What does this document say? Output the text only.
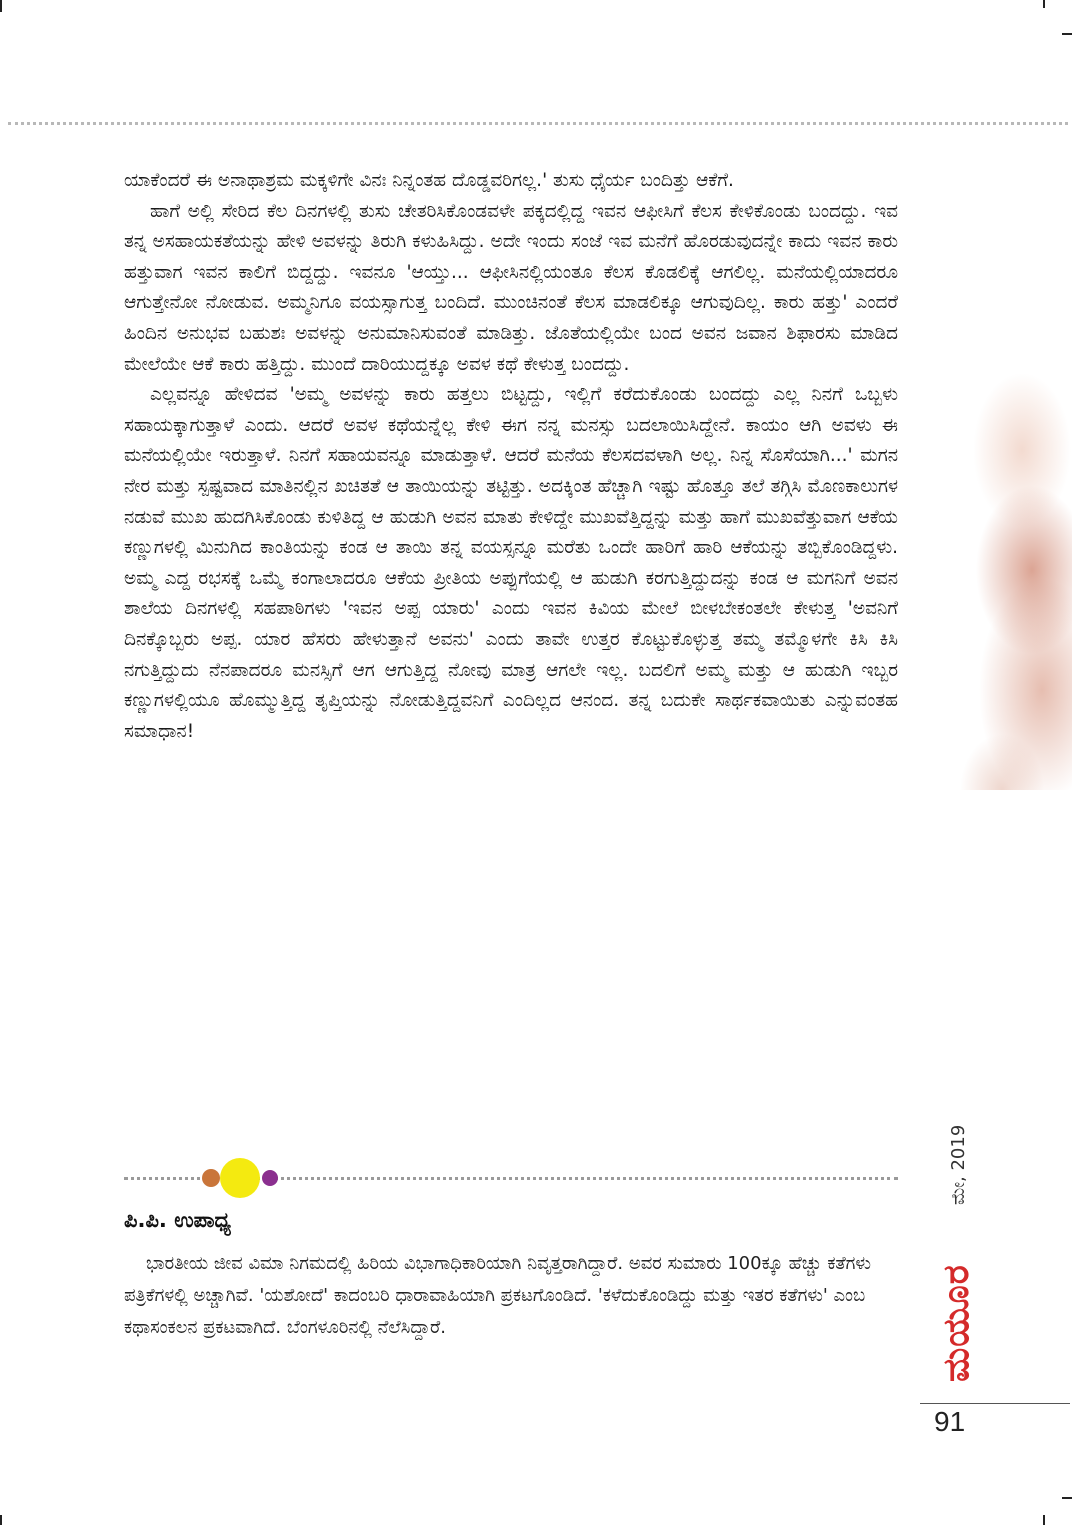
ಯಾಕೆಂದರೆ ಈ ಅನಾಥಾಶ್ರಮ ಮಕ್ಕಳಿಗೇ ವಿನಃ ನಿನ್ನಂತಹ ದೊಡ್ಡವರಿಗಲ್ಲ.' ತುಸು ಧೈರ್ಯ ಬಂದಿತ್ತು ಆಕೆಗೆ.

ಹಾಗೆ ಅಲ್ಲಿ ಸೇರಿದ ಕೆಲ ದಿನಗಳಲ್ಲಿ ತುಸು ಚೇತರಿಸಿಕೊಂಡವಳೇ ಪಕ್ಕದಲ್ಲಿದ್ದ ಇವನ ಆಫೀಸಿಗೆ ಕೆಲಸ ಕೇಳಿಕೊಂಡು ಬಂದದ್ದು. ಇವ ತನ್ನ ಅಸಹಾಯಕತೆಯನ್ನು ಹೇಳಿ ಅವಳನ್ನು ತಿರುಗಿ ಕಳುಹಿಸಿದ್ದು. ಅದೇ ಇಂದು ಸಂಜೆ ಇವ ಮನೆಗೆ ಹೊರಡುವುದನ್ನೇ ಕಾದು ಇವನ ಕಾರು ಹತ್ತುವಾಗ ಇವನ ಕಾಲಿಗೆ ಬಿದ್ದದ್ದು. ಇವನೂ 'ಆಯ್ತು... ಆಫೀಸಿನಲ್ಲಿಯಂತೂ ಕೆಲಸ ಕೊಡಲಿಕ್ಕೆ ಆಗಲಿಲ್ಲ. ಮನೆಯಲ್ಲಿಯಾದರೂ ಆಗುತ್ತೇನೋ ನೋಡುವ. ಅಮ್ಮನಿಗೂ ವಯಸ್ಸಾಗುತ್ತ ಬಂದಿದೆ. ಮುಂಚಿನಂತೆ ಕೆಲಸ ಮಾಡಲಿಕ್ಕೂ ಆಗುವುದಿಲ್ಲ. ಕಾರು ಹತ್ತು' ಎಂದರೆ ಹಿಂದಿನ ಅನುಭವ ಬಹುಶಃ ಅವಳನ್ನು ಅನುಮಾನಿಸುವಂತೆ ಮಾಡಿತ್ತು. ಜೊತೆಯಲ್ಲಿಯೇ ಬಂದ ಅವನ ಜವಾನ ಶಿಫಾರಸು ಮಾಡಿದ ಮೇಲೆಯೇ ಆಕೆ ಕಾರು ಹತ್ತಿದ್ದು. ಮುಂದೆ ದಾರಿಯುದ್ದಕ್ಕೂ ಅವಳ ಕಥೆ ಕೇಳುತ್ತ ಬಂದದ್ದು.

ಎಲ್ಲವನ್ನೂ ಹೇಳಿದವ 'ಅಮ್ಮ ಅವಳನ್ನು ಕಾರು ಹತ್ತಲು ಬಿಟ್ಟದ್ದು, ಇಲ್ಲಿಗೆ ಕರೆದುಕೊಂಡು ಬಂದದ್ದು ಎಲ್ಲ ನಿನಗೆ ಒಬ್ಬಳು ಸಹಾಯಕ್ಕಾಗುತ್ತಾಳೆ ಎಂದು. ಆದರೆ ಅವಳ ಕಥೆಯನ್ನೆಲ್ಲ ಕೇಳಿ ಈಗ ನನ್ನ ಮನಸ್ಸು ಬದಲಾಯಿಸಿದ್ದೇನೆ. ಕಾಯಂ ಆಗಿ ಅವಳು ಈ ಮನೆಯಲ್ಲಿಯೇ ಇರುತ್ತಾಳೆ. ನಿನಗೆ ಸಹಾಯವನ್ನೂ ಮಾಡುತ್ತಾಳೆ. ಆದರೆ ಮನೆಯ ಕೆಲಸದವಳಾಗಿ ಅಲ್ಲ. ನಿನ್ನ ಸೊಸೆಯಾಗಿ...' ಮಗನ ನೇರ ಮತ್ತು ಸ್ಪಷ್ಟವಾದ ಮಾತಿನಲ್ಲಿನ ಖಚಿತತೆ ಆ ತಾಯಿಯನ್ನು ತಟ್ಟಿತ್ತು. ಅದಕ್ಕಿಂತ ಹೆಚ್ಚಾಗಿ ಇಷ್ಟು ಹೊತ್ತೂ ತಲೆ ತಗ್ಗಿಸಿ ಮೊಣಕಾಲುಗಳ ನಡುವೆ ಮುಖ ಹುದಗಿಸಿಕೊಂಡು ಕುಳಿತಿದ್ದ ಆ ಹುಡುಗಿ ಅವನ ಮಾತು ಕೇಳಿದ್ದೇ ಮುಖವೆತ್ತಿದ್ದನ್ನು ಮತ್ತು ಹಾಗೆ ಮುಖವೆತ್ತುವಾಗ ಆಕೆಯ ಕಣ್ಣುಗಳಲ್ಲಿ ಮಿನುಗಿದ ಕಾಂತಿಯನ್ನು ಕಂಡ ಆ ತಾಯಿ ತನ್ನ ವಯಸ್ಸನ್ನೂ ಮರೆತು ಒಂದೇ ಹಾರಿಗೆ ಹಾರಿ ಆಕೆಯನ್ನು ತಬ್ಬಿಕೊಂಡಿದ್ದಳು. ಅಮ್ಮ ಎದ್ದ ರಭಸಕ್ಕೆ ಒಮ್ಮೆ ಕಂಗಾಲಾದರೂ ಆಕೆಯ ಪ್ರೀತಿಯ ಅಪ್ಪುಗೆಯಲ್ಲಿ ಆ ಹುಡುಗಿ ಕರಗುತ್ತಿದ್ದುದನ್ನು ಕಂಡ ಆ ಮಗನಿಗೆ ಅವನ ಶಾಲೆಯ ದಿನಗಳಲ್ಲಿ ಸಹಪಾಠಿಗಳು 'ಇವನ ಅಪ್ಪ ಯಾರು' ಎಂದು ಇವನ ಕಿವಿಯ ಮೇಲೆ ಬೀಳಬೇಕಂತಲೇ ಕೇಳುತ್ತ 'ಅವನಿಗೆ ದಿನಕ್ಕೊಬ್ಬರು ಅಪ್ಪ. ಯಾರ ಹೆಸರು ಹೇಳುತ್ತಾನೆ ಅವನು' ಎಂದು ತಾವೇ ಉತ್ತರ ಕೊಟ್ಟುಕೊಳ್ಳುತ್ತ ತಮ್ಮ ತಮ್ಮೊಳಗೇ ಕಿಸಿ ಕಿಸಿ ನಗುತ್ತಿದ್ದುದು ನೆನಪಾದರೂ ಮನಸ್ಸಿಗೆ ಆಗ ಆಗುತ್ತಿದ್ದ ನೋವು ಮಾತ್ರ ಆಗಲೇ ಇಲ್ಲ. ಬದಲಿಗೆ ಅಮ್ಮ ಮತ್ತು ಆ ಹುಡುಗಿ ಇಬ್ಬರ ಕಣ್ಣುಗಳಲ್ಲಿಯೂ ಹೊಮ್ಮುತ್ತಿದ್ದ ತೃಪ್ತಿಯನ್ನು ನೋಡುತ್ತಿದ್ದವನಿಗೆ ಎಂದಿಲ್ಲದ ಆನಂದ. ತನ್ನ ಬದುಕೇ ಸಾರ್ಥಕವಾಯಿತು ಎನ್ನುವಂತಹ ಸಮಾಧಾನ!

ಪಿ.ಪಿ. ಉಪಾಧ್ಯ

ಭಾರತೀಯ ಜೀವ ವಿಮಾ ನಿಗಮದಲ್ಲಿ ಹಿರಿಯ ವಿಭಾಗಾಧಿಕಾರಿಯಾಗಿ ನಿವೃತ್ತರಾಗಿದ್ದಾರೆ. ಅವರ ಸುಮಾರು 100ಕ್ಕೂ ಹೆಚ್ಚು ಕತೆಗಳು ಪತ್ರಿಕೆಗಳಲ್ಲಿ ಅಚ್ಚಾಗಿವೆ. 'ಯಶೋದೆ' ಕಾದಂಬರಿ ಧಾರಾವಾಹಿಯಾಗಿ ಪ್ರಕಟಗೊಂಡಿದೆ. 'ಕಳೆದುಕೊಂಡಿದ್ದು ಮತ್ತು ಇತರ ಕತೆಗಳು' ಎಂಬ ಕಥಾಸಂಕಲನ ಪ್ರಕಟವಾಗಿದೆ. ಬೆಂಗಳೂರಿನಲ್ಲಿ ನೆಲೆಸಿದ್ದಾರೆ.

ಮೇ, 2019
ಮಯೂರ
91
